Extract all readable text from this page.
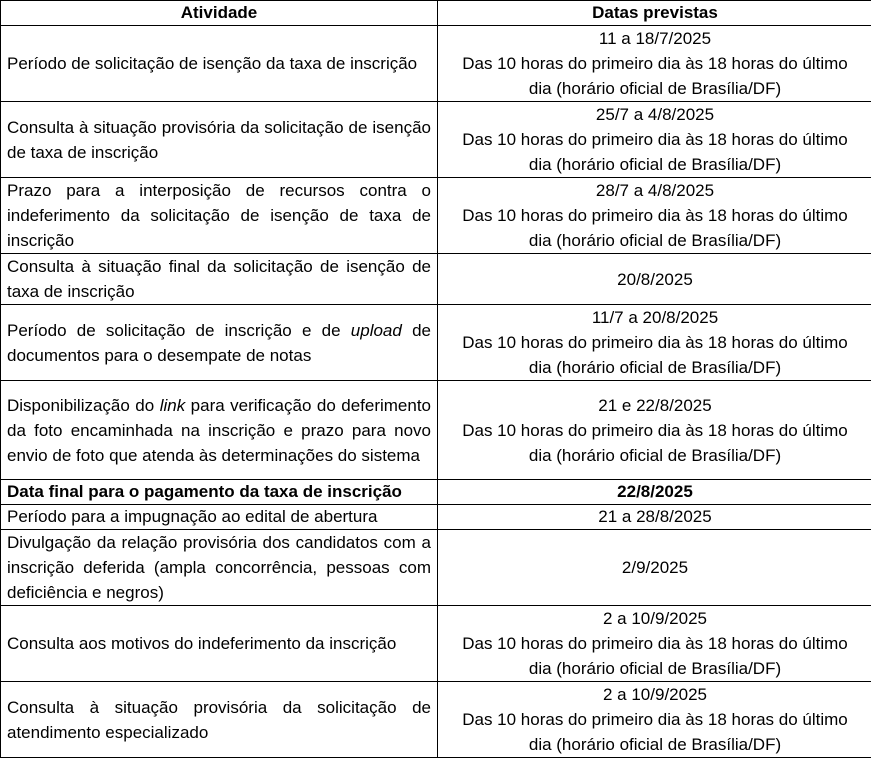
Atividade	Datas previstas
Período de solicitação de isenção da taxa de inscrição	11 a 18/7/2025
Das 10 horas do primeiro dia às 18 horas do último
dia (horário oficial de Brasília/DF)

Consulta à situação provisória da solicitação de isenção de taxa de inscrição	25/7 a 4/8/2025
Das 10 horas do primeiro dia às 18 horas do último
dia (horário oficial de Brasília/DF)

Prazo para a interposição de recursos contra o indeferimento da solicitação de isenção de taxa de inscrição	28/7 a 4/8/2025
Das 10 horas do primeiro dia às 18 horas do último
dia (horário oficial de Brasília/DF)

Consulta à situação final da solicitação de isenção de taxa de inscrição	20/8/2025

Período de solicitação de inscrição e de upload de documentos para o desempate de notas	11/7 a 20/8/2025
Das 10 horas do primeiro dia às 18 horas do último
dia (horário oficial de Brasília/DF)

Disponibilização do link para verificação do deferimento da foto encaminhada na inscrição e prazo para novo envio de foto que atenda às determinações do sistema	21 e 22/8/2025
Das 10 horas do primeiro dia às 18 horas do último
dia (horário oficial de Brasília/DF)

Data final para o pagamento da taxa de inscrição	22/8/2025

Período para a impugnação ao edital de abertura	21 a 28/8/2025

Divulgação da relação provisória dos candidatos com a inscrição deferida (ampla concorrência, pessoas com deficiência e negros)	2/9/2025

Consulta aos motivos do indeferimento da inscrição	2 a 10/9/2025
Das 10 horas do primeiro dia às 18 horas do último
dia (horário oficial de Brasília/DF)

Consulta à situação provisória da solicitação de atendimento especializado	2 a 10/9/2025
Das 10 horas do primeiro dia às 18 horas do último
dia (horário oficial de Brasília/DF)
